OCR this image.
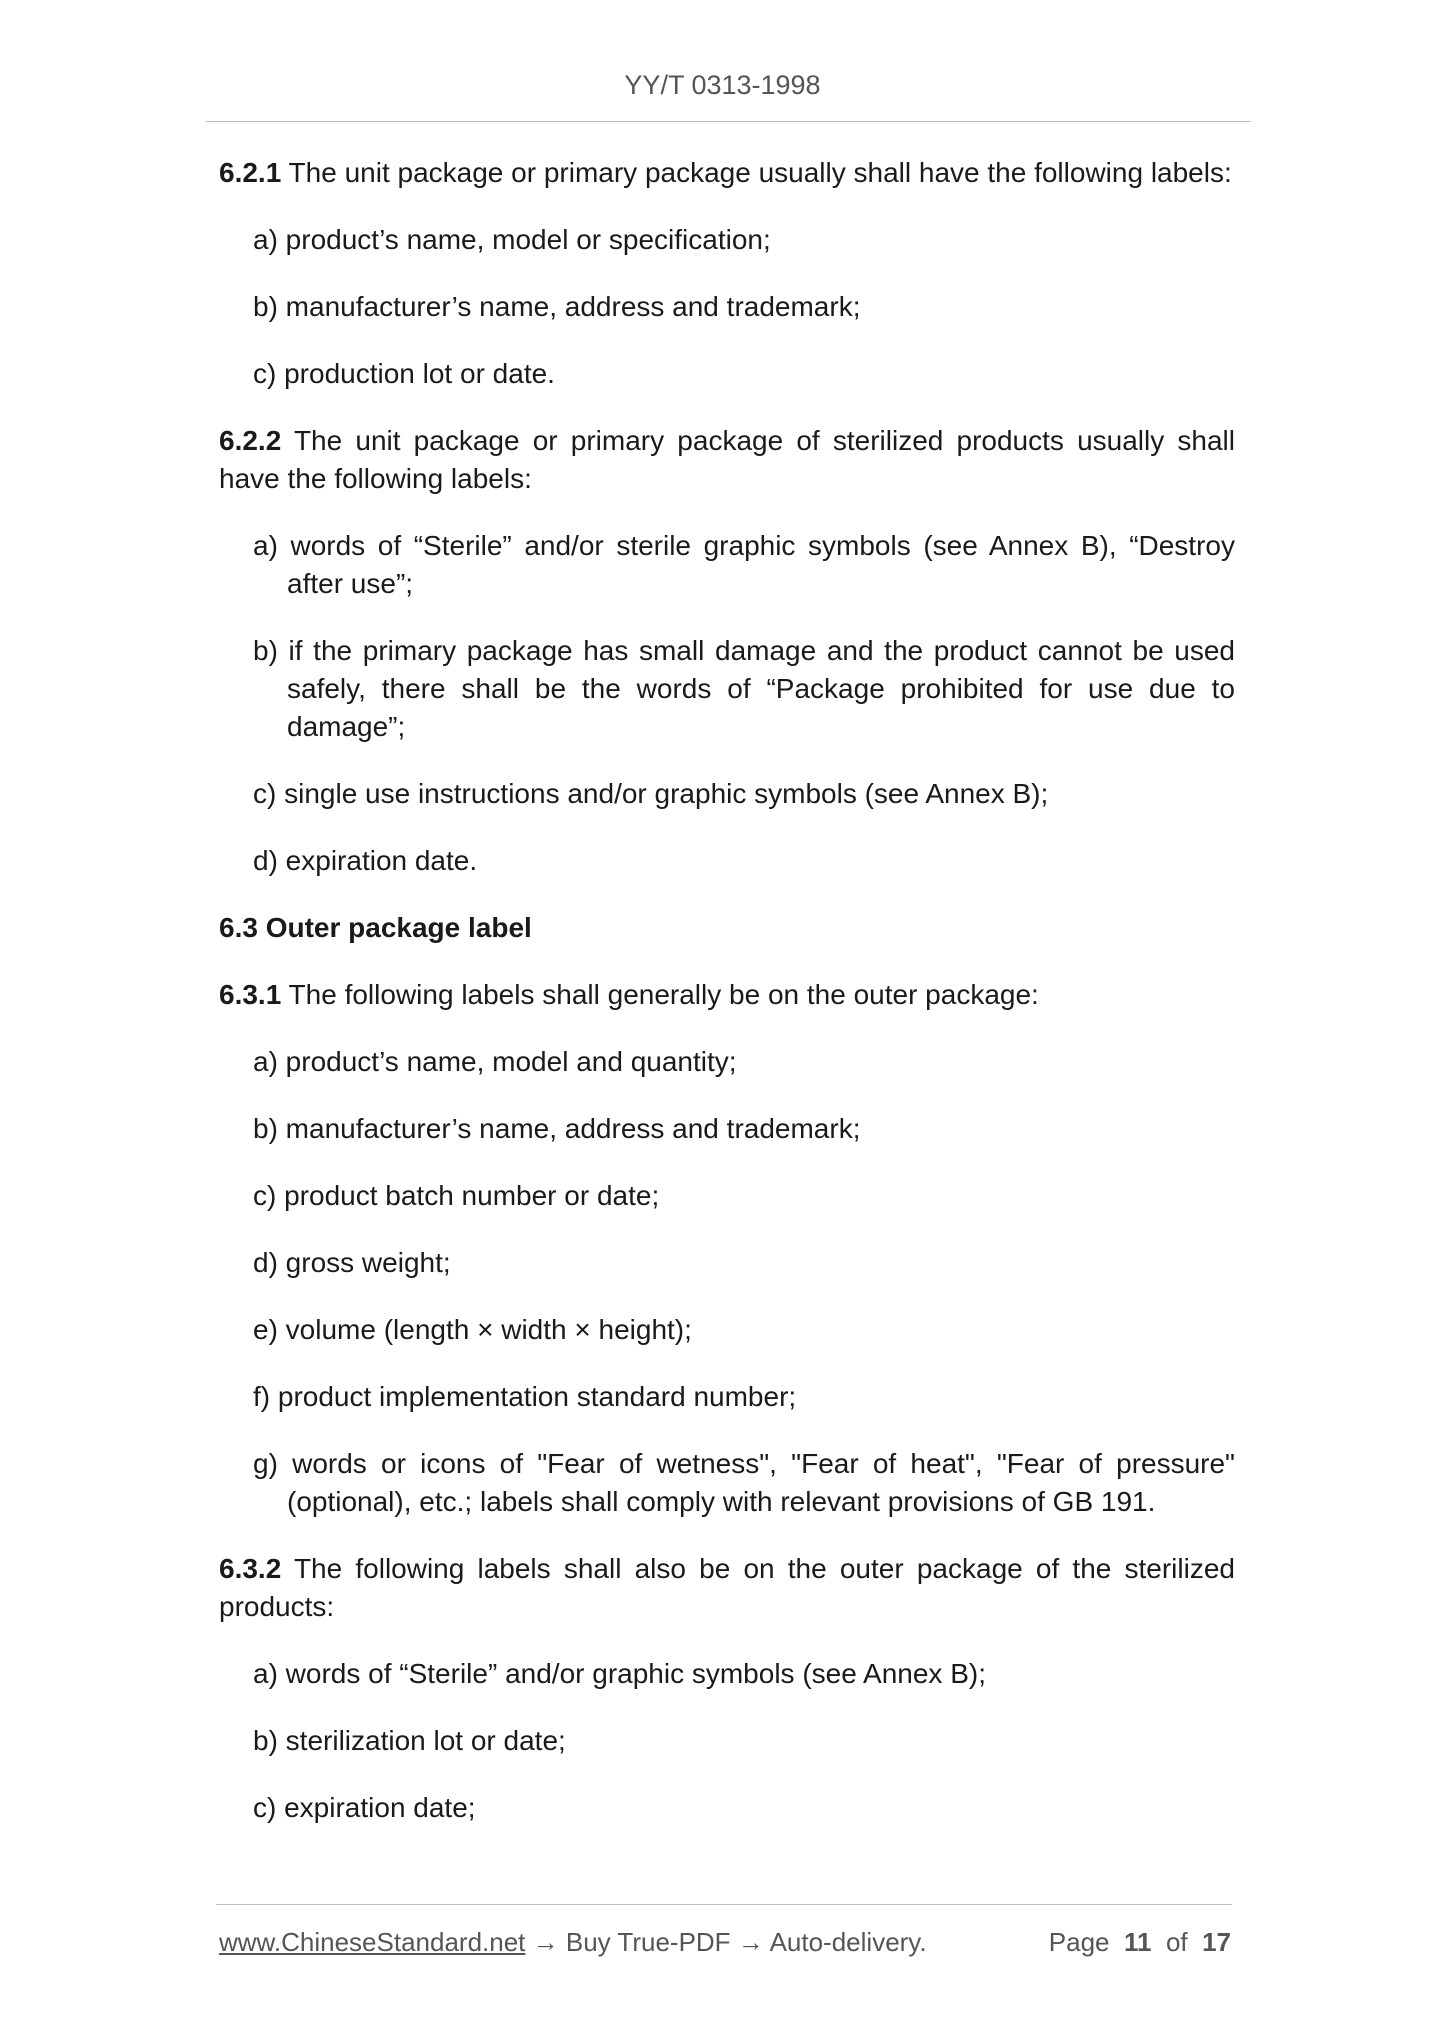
YY/T 0313-1998

6.2.1 The unit package or primary package usually shall have the following labels:

a) product’s name, model or specification;
b) manufacturer’s name, address and trademark;
c) production lot or date.

6.2.2 The unit package or primary package of sterilized products usually shall have the following labels:

a) words of “Sterile” and/or sterile graphic symbols (see Annex B), “Destroy after use”;
b) if the primary package has small damage and the product cannot be used safely, there shall be the words of “Package prohibited for use due to damage”;
c) single use instructions and/or graphic symbols (see Annex B);
d) expiration date.
6.3 Outer package label

6.3.1 The following labels shall generally be on the outer package:

a) product’s name, model and quantity;
b) manufacturer’s name, address and trademark;
c) product batch number or date;
d) gross weight;
e) volume (length × width × height);
f) product implementation standard number;
g) words or icons of "Fear of wetness", "Fear of heat", "Fear of pressure" (optional), etc.; labels shall comply with relevant provisions of GB 191.

6.3.2 The following labels shall also be on the outer package of the sterilized products:

a) words of “Sterile” and/or graphic symbols (see Annex B);
b) sterilization lot or date;
c) expiration date;
www.ChineseStandard.net → Buy True-PDF → Auto-delivery.	Page 11 of 17
